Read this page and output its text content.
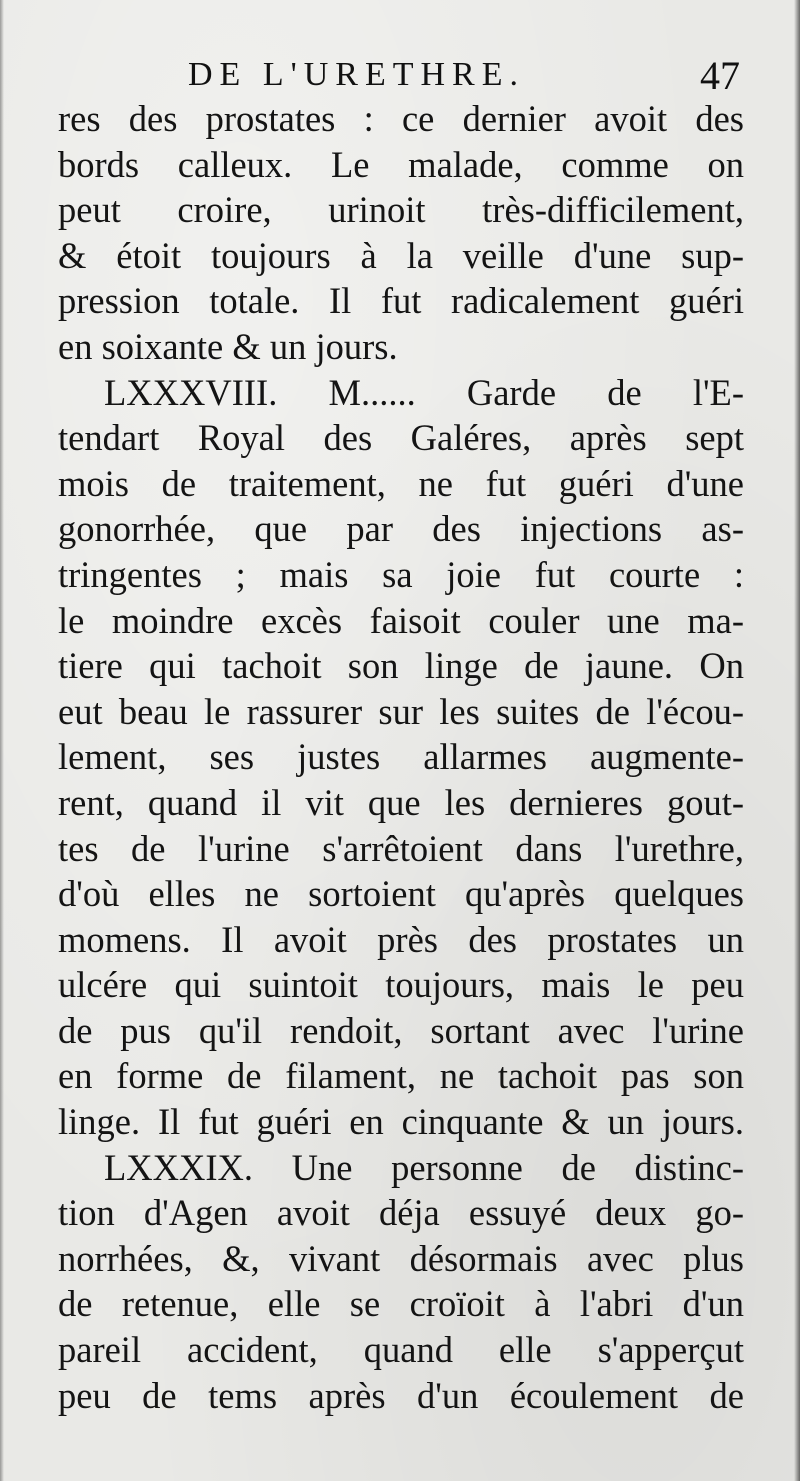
DE L'URETHRE.	47
res des prostates : ce dernier avoit des
bords calleux. Le malade, comme on
peut croire, urinoit très-difficilement,
& étoit toujours à la veille d'une sup-
pression totale. Il fut radicalement guéri
en soixante & un jours.
LXXXVIII. M...... Garde de l'E-
tendart Royal des Galéres, après sept
mois de traitement, ne fut guéri d'une
gonorrhée, que par des injections as-
tringentes ; mais sa joie fut courte :
le moindre excès faisoit couler une ma-
tiere qui tachoit son linge de jaune. On
eut beau le rassurer sur les suites de l'écou-
lement, ses justes allarmes augmente-
rent, quand il vit que les dernieres gout-
tes de l'urine s'arrêtoient dans l'urethre,
d'où elles ne sortoient qu'après quelques
momens. Il avoit près des prostates un
ulcére qui suintoit toujours, mais le peu
de pus qu'il rendoit, sortant avec l'urine
en forme de filament, ne tachoit pas son
linge. Il fut guéri en cinquante & un jours.
LXXXIX. Une personne de distinc-
tion d'Agen avoit déja essuyé deux go-
norrhées, &, vivant désormais avec plus
de retenue, elle se croïoit à l'abri d'un
pareil accident, quand elle s'apperçut
peu de tems après d'un écoulement de
